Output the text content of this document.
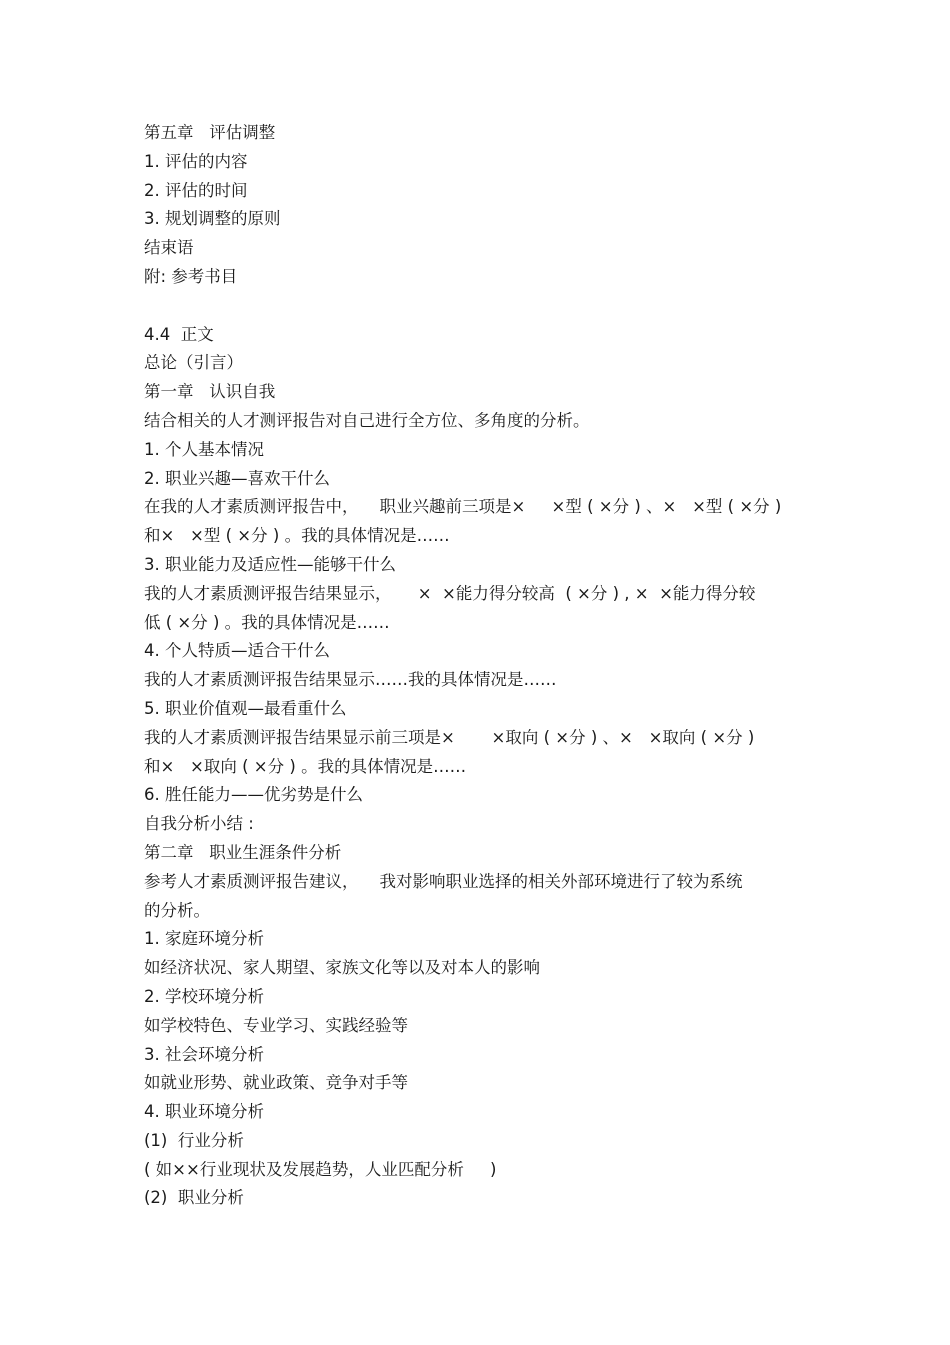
第五章   评估调整
1. 评估的内容
2. 评估的时间
3. 规划调整的原则
结束语
附: 参考书目
4.4  正文
总论（引言）
第一章   认识自我
结合相关的人才测评报告对自己进行全方位、多角度的分析。
1. 个人基本情况
2. 职业兴趣—喜欢干什么
在我的人才素质测评报告中，    职业兴趣前三项是×     ×型 ( ×分 ) 、×   ×型 ( ×分 )
和×   ×型 ( ×分 ) 。我的具体情况是……
3. 职业能力及适应性—能够干什么
我的人才素质测评报告结果显示，     ×  ×能力得分较高  ( ×分 ) , ×  ×能力得分较
低 ( ×分 ) 。我的具体情况是……
4. 个人特质—适合干什么
我的人才素质测评报告结果显示……我的具体情况是……
5. 职业价值观—最看重什么
我的人才素质测评报告结果显示前三项是×       ×取向 ( ×分 ) 、×   ×取向 ( ×分 )
和×   ×取向 ( ×分 ) 。我的具体情况是……
6. 胜任能力——优劣势是什么
自我分析小结 :
第二章   职业生涯条件分析
参考人才素质测评报告建议，    我对影响职业选择的相关外部环境进行了较为系统
的分析。
1. 家庭环境分析
如经济状况、家人期望、家族文化等以及对本人的影响
2. 学校环境分析
如学校特色、专业学习、实践经验等
3. 社会环境分析
如就业形势、就业政策、竞争对手等
4. 职业环境分析
(1)  行业分析
( 如××行业现状及发展趋势，人业匹配分析     )
(2)  职业分析
